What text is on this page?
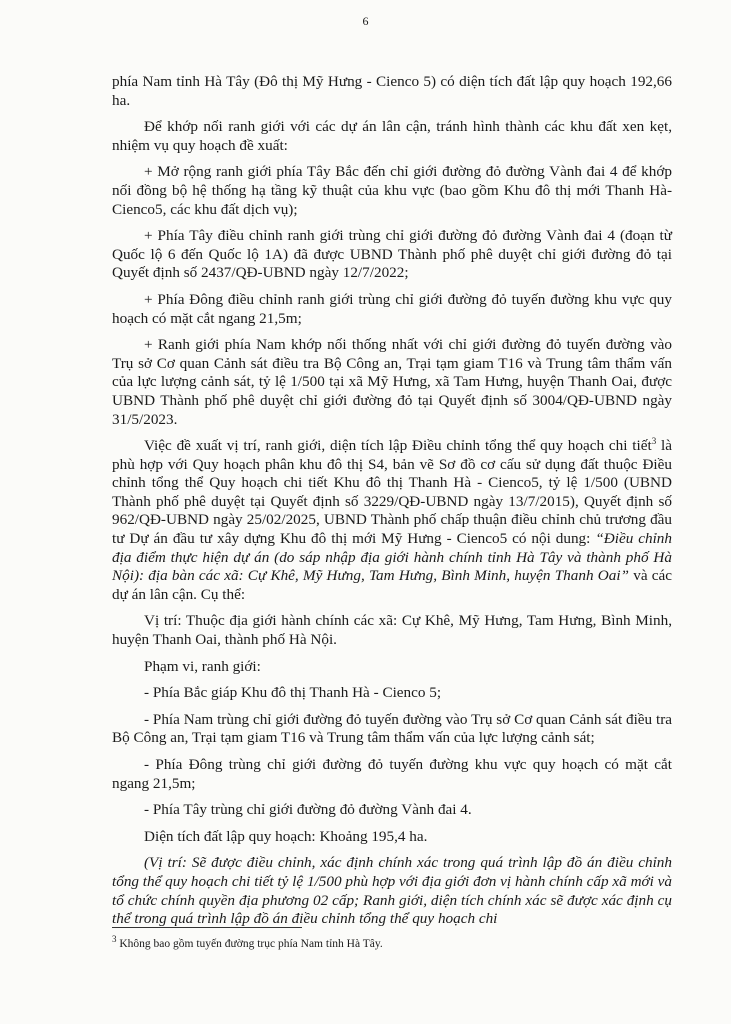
6

phía Nam tỉnh Hà Tây (Đô thị Mỹ Hưng - Cienco 5) có diện tích đất lập quy hoạch 192,66 ha.

Để khớp nối ranh giới với các dự án lân cận, tránh hình thành các khu đất xen kẹt, nhiệm vụ quy hoạch đề xuất:

+ Mở rộng ranh giới phía Tây Bắc đến chỉ giới đường đỏ đường Vành đai 4 để khớp nối đồng bộ hệ thống hạ tầng kỹ thuật của khu vực (bao gồm Khu đô thị mới Thanh Hà-Cienco5, các khu đất dịch vụ);

+ Phía Tây điều chỉnh ranh giới trùng chỉ giới đường đỏ đường Vành đai 4 (đoạn từ Quốc lộ 6 đến Quốc lộ 1A) đã được UBND Thành phố phê duyệt chỉ giới đường đỏ tại Quyết định số 2437/QĐ-UBND ngày 12/7/2022;

+ Phía Đông điều chỉnh ranh giới trùng chỉ giới đường đỏ tuyến đường khu vực quy hoạch có mặt cắt ngang 21,5m;

+ Ranh giới phía Nam khớp nối thống nhất với chỉ giới đường đỏ tuyến đường vào Trụ sở Cơ quan Cảnh sát điều tra Bộ Công an, Trại tạm giam T16 và Trung tâm thẩm vấn của lực lượng cảnh sát, tỷ lệ 1/500 tại xã Mỹ Hưng, xã Tam Hưng, huyện Thanh Oai, được UBND Thành phố phê duyệt chỉ giới đường đỏ tại Quyết định số 3004/QĐ-UBND ngày 31/5/2023.

Việc đề xuất vị trí, ranh giới, diện tích lập Điều chỉnh tổng thể quy hoạch chi tiết$^3$ là phù hợp với Quy hoạch phân khu đô thị S4, bản vẽ Sơ đồ cơ cấu sử dụng đất thuộc Điều chỉnh tổng thể Quy hoạch chi tiết Khu đô thị Thanh Hà - Cienco5, tỷ lệ 1/500 (UBND Thành phố phê duyệt tại Quyết định số 3229/QĐ-UBND ngày 13/7/2015), Quyết định số 962/QĐ-UBND ngày 25/02/2025, UBND Thành phố chấp thuận điều chỉnh chủ trương đầu tư Dự án đầu tư xây dựng Khu đô thị mới Mỹ Hưng - Cienco5 có nội dung: “Điều chỉnh địa điểm thực hiện dự án (do sáp nhập địa giới hành chính tỉnh Hà Tây và thành phố Hà Nội): địa bàn các xã: Cự Khê, Mỹ Hưng, Tam Hưng, Bình Minh, huyện Thanh Oai” và các dự án lân cận. Cụ thể:

Vị trí: Thuộc địa giới hành chính các xã: Cự Khê, Mỹ Hưng, Tam Hưng, Bình Minh, huyện Thanh Oai, thành phố Hà Nội.

Phạm vi, ranh giới:

- Phía Bắc giáp Khu đô thị Thanh Hà - Cienco 5;

- Phía Nam trùng chỉ giới đường đỏ tuyến đường vào Trụ sở Cơ quan Cảnh sát điều tra Bộ Công an, Trại tạm giam T16 và Trung tâm thẩm vấn của lực lượng cảnh sát;

- Phía Đông trùng chỉ giới đường đỏ tuyến đường khu vực quy hoạch có mặt cắt ngang 21,5m;

- Phía Tây trùng chỉ giới đường đỏ đường Vành đai 4.

Diện tích đất lập quy hoạch: Khoảng 195,4 ha.

(Vị trí: Sẽ được điều chỉnh, xác định chính xác trong quá trình lập đồ án điều chỉnh tổng thể quy hoạch chi tiết tỷ lệ 1/500 phù hợp với địa giới đơn vị hành chính cấp xã mới và tổ chức chính quyền địa phương 02 cấp; Ranh giới, diện tích chính xác sẽ được xác định cụ thể trong quá trình lập đồ án điều chỉnh tổng thể quy hoạch chi

$^3$ Không bao gồm tuyến đường trục phía Nam tỉnh Hà Tây.
